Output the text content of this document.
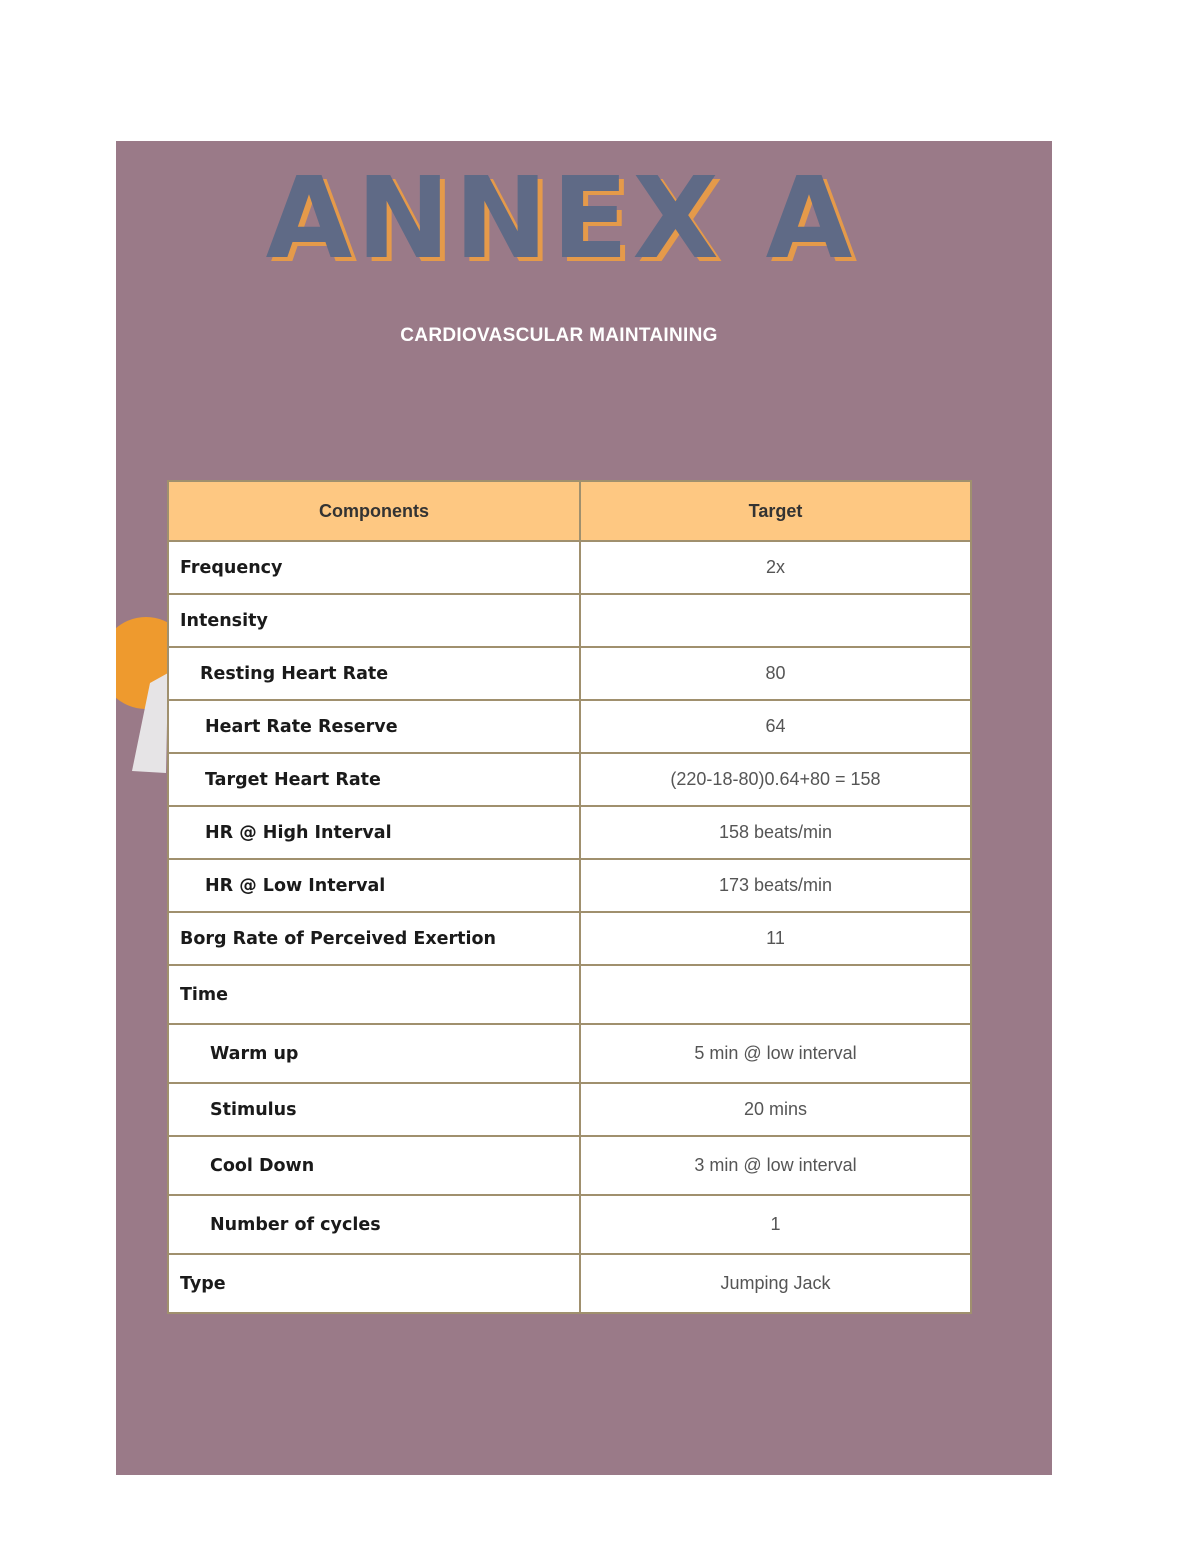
ANNEX A
CARDIOVASCULAR MAINTAINING
Components	Target
Frequency	2x
Intensity	
Resting Heart Rate	80
Heart Rate Reserve	64
Target Heart Rate	(220-18-80)0.64+80 = 158
HR @ High Interval	158 beats/min
HR @ Low Interval	173 beats/min
Borg Rate of Perceived Exertion	11
Time	
Warm up	5 min @ low interval
Stimulus	20 mins
Cool Down	3 min @ low interval
Number of cycles	1
Type	Jumping Jack
